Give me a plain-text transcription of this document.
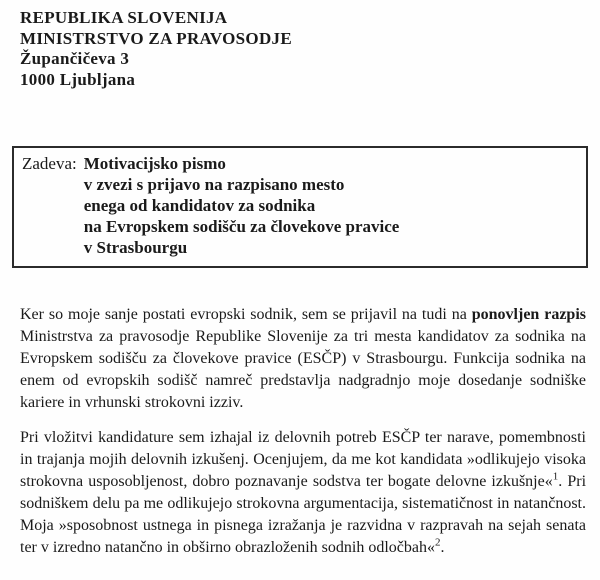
REPUBLIKA SLOVENIJA
MINISTRSTVO ZA PRAVOSODJE
Župančičeva 3
1000 Ljubljana
Zadeva: Motivacijsko pismo
v zvezi s prijavo na razpisano mesto
enega od kandidatov za sodnika
na Evropskem sodišču za človekove pravice
v Strasbourgu

Ker so moje sanje postati evropski sodnik, sem se prijavil na tudi na ponovljen razpis Ministrstva za pravosodje Republike Slovenije za tri mesta kandidatov za sodnika na Evropskem sodišču za človekove pravice (ESČP) v Strasbourgu. Funkcija sodnika na enem od evropskih sodišč namreč predstavlja nadgradnjo moje dosedanje sodniške kariere in vrhunski strokovni izziv.

Pri vložitvi kandidature sem izhajal iz delovnih potreb ESČP ter narave, pomembnosti in trajanja mojih delovnih izkušenj. Ocenjujem, da me kot kandidata »odlikujejo visoka strokovna usposobljenost, dobro poznavanje sodstva ter bogate delovne izkušnje«$^1$. Pri sodniškem delu pa me odlikujejo strokovna argumentacija, sistematičnost in natančnost. Moja »sposobnost ustnega in pisnega izražanja je razvidna v razpravah na sejah senata ter v izredno natančno in obširno obrazloženih sodnih odločbah«$^2$.
